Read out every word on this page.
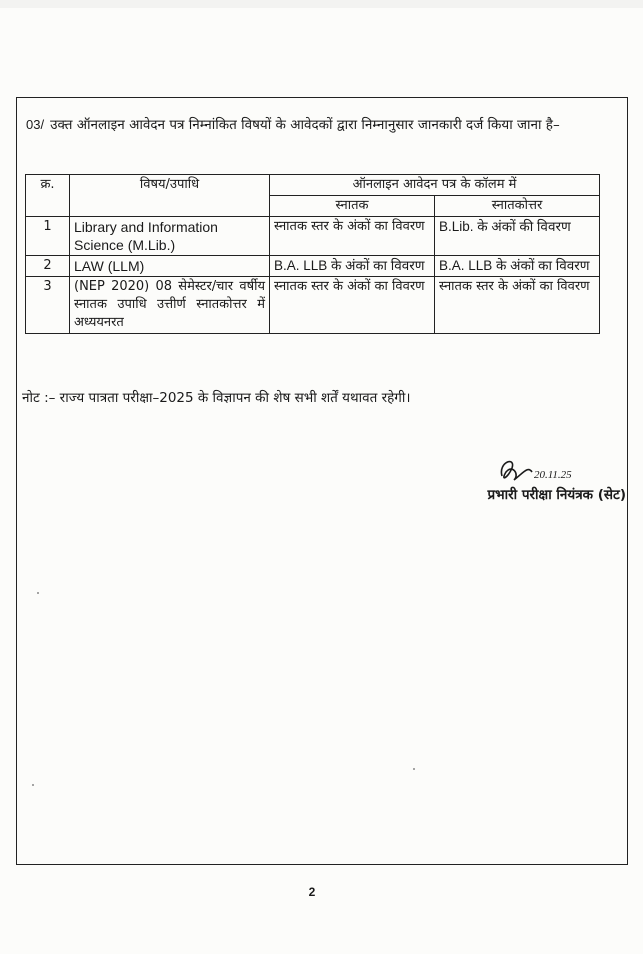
03/ उक्त ऑनलाइन आवेदन पत्र निम्नांकित विषयों के आवेदकों द्वारा निम्नानुसार जानकारी दर्ज किया जाना है–
क्र.	विषय/उपाधि	ऑनलाइन आवेदन पत्र के कॉलम में	
		स्नातक	स्नातकोत्तर
1	Library and Information Science (M.Lib.)	स्नातक स्तर के अंकों का विवरण	B.Lib. के अंकों की विवरण
2	LAW (LLM)	B.A. LLB के अंकों का विवरण	B.A. LLB के अंकों का विवरण
3	(NEP 2020) 08 सेमेस्टर/चार वर्षीय स्नातक उपाधि उत्तीर्ण स्नातकोत्तर में अध्ययनरत	स्नातक स्तर के अंकों का विवरण	स्नातक स्तर के अंकों का विवरण
नोट :– राज्य पात्रता परीक्षा–2025 के विज्ञापन की शेष सभी शर्तें यथावत रहेगी।
20.11.25
प्रभारी परीक्षा नियंत्रक (सेट)
2
